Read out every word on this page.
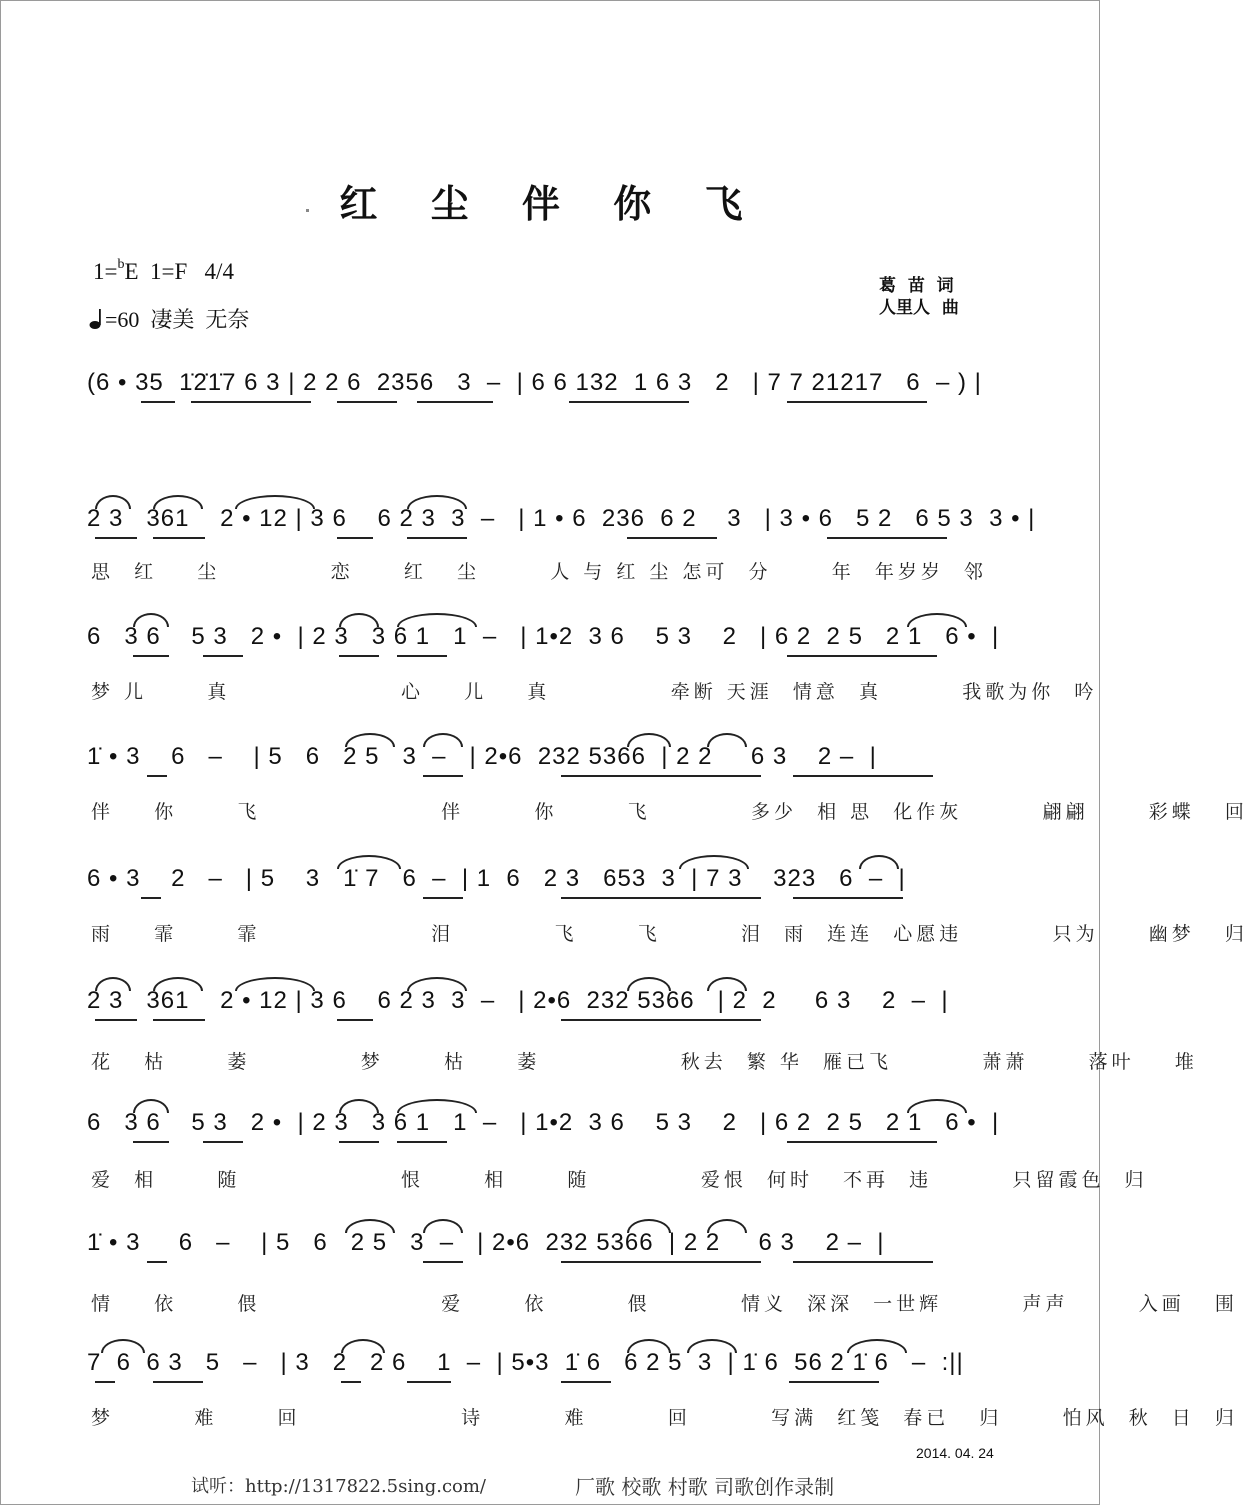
红 尘 伴 你 飞
1=$^b$E  1=F   4/4
=60  凄美  无奈
葛  苗  词
人里人  曲
(6 • 35  1̇2̇1̇7 6 3 | 2 2 6  2356   3  –  | 6 6 132  1 6 3   2   | 7 7 21217   6  – ) |
2 3   361    2 • 12 | 3 6    6 2 3  3  –   | 1 • 6  236  6 2    3   | 3 • 6   5 2   6 5 3  3 • |
思  红    尘           恋     红   尘       人 与 红 尘 怎可  分      年  年岁岁  邻
6   3 6    5 3   2 •  | 2 3   3 6 1   1  –   | 1•2  3 6    5 3    2   | 6 2  2 5   2 1   6 •  |
梦 儿      真                 心    儿    真            牵断 天涯  情意  真        我歌为你  吟
1̇ • 3    6   –    | 5   6   2 5   3  –   | 2•6  232 5366  | 2 2     6 3    2 –  |
伴    你      飞                  伴       你       飞          多少  相 思  化作灰        翩翩      彩蝶   回
6 • 3    2   –   | 5    3   1̇ 7   6  –  | 1  6   2 3   653  3  | 7 3    323   6  –  |
雨    霏      霏                 泪          飞      飞        泪  雨  连连  心愿违         只为     幽梦   归
2 3   361    2 • 12 | 3 6    6 2 3  3  –   | 2•6  232 5366   | 2  2     6 3    2  –  |
花   枯      萎           梦      枯     萎              秋去  繁 华  雁已飞         萧萧      落叶    堆
6   3 6    5 3   2 •  | 2 3   3 6 1   1  –   | 1•2  3 6    5 3    2   | 6 2  2 5   2 1   6 •  |
爱  相      随                恨      相      随           爱恨  何时   不再  违        只留霞色  归
1̇ • 3     6   –    | 5   6   2 5   3  –   | 2•6  232 5366  | 2 2     6 3    2 –  |
情    依      偎                  爱      依        偎         情义  深深  一世辉        声声       入画   围
7  6  6 3   5   –   | 3   2   2 6    1  –  | 5•3  1̇ 6   6 2 5  3  | 1̇ 6  56 2 1̇ 6   –  :||
梦        难      回                诗        难        回        写满  红笺  春已   归      怕风  秋  日  归
2014. 04. 24
试听：http://1317822.5sing.com/	厂歌 校歌 村歌 司歌创作录制
